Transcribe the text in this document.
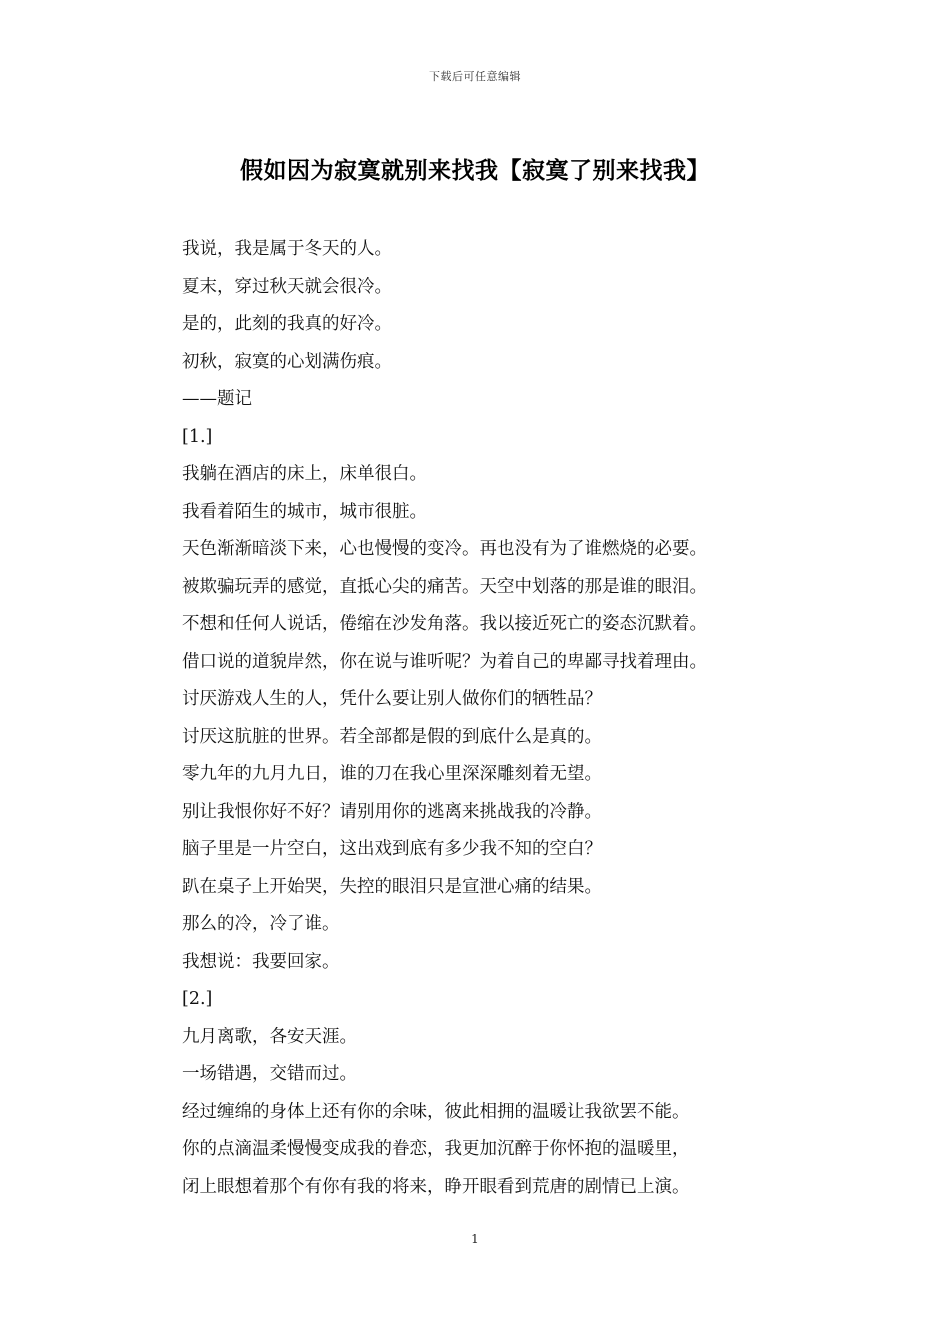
下载后可任意编辑
假如因为寂寞就别来找我【寂寞了别来找我】
我说，我是属于冬天的人。
夏末，穿过秋天就会很冷。
是的，此刻的我真的好冷。
初秋，寂寞的心划满伤痕。
——题记
[1.]
我躺在酒店的床上，床单很白。
我看着陌生的城市，城市很脏。
天色渐渐暗淡下来，心也慢慢的变冷。再也没有为了谁燃烧的必要。
被欺骗玩弄的感觉，直抵心尖的痛苦。天空中划落的那是谁的眼泪。
不想和任何人说话，倦缩在沙发角落。我以接近死亡的姿态沉默着。
借口说的道貌岸然，你在说与谁听呢？为着自己的卑鄙寻找着理由。
讨厌游戏人生的人，凭什么要让别人做你们的牺牲品？
讨厌这肮脏的世界。若全部都是假的到底什么是真的。
零九年的九月九日，谁的刀在我心里深深雕刻着无望。
别让我恨你好不好？请别用你的逃离来挑战我的冷静。
脑子里是一片空白，这出戏到底有多少我不知的空白？
趴在桌子上开始哭，失控的眼泪只是宣泄心痛的结果。
那么的冷，冷了谁。
我想说：我要回家。
[2.]
九月离歌，各安天涯。
一场错遇，交错而过。
经过缠绵的身体上还有你的余味，彼此相拥的温暖让我欲罢不能。
你的点滴温柔慢慢变成我的眷恋，我更加沉醉于你怀抱的温暖里，
闭上眼想着那个有你有我的将来，睁开眼看到荒唐的剧情已上演。
1
